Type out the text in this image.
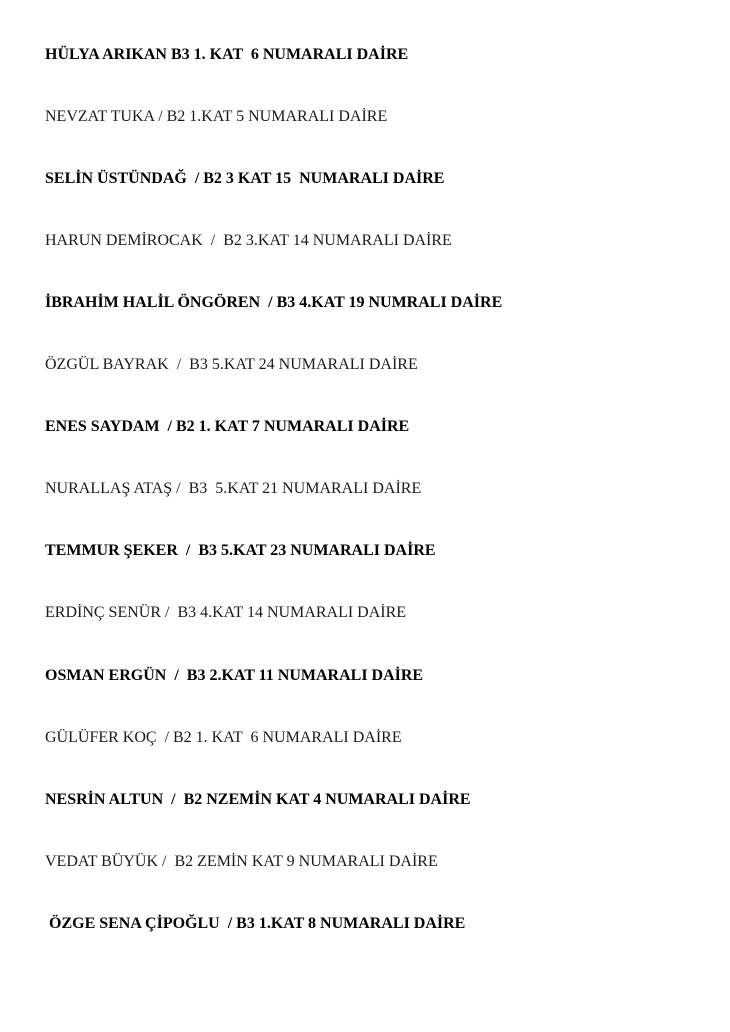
HÜLYA ARIKAN B3 1. KAT  6 NUMARALI DAİRE

NEVZAT TUKA / B2 1.KAT 5 NUMARALI DAİRE

SELİN ÜSTÜNDAĞ  / B2 3 KAT 15  NUMARALI DAİRE

HARUN DEMİROCAK  /  B2 3.KAT 14 NUMARALI DAİRE

İBRAHİM HALİL ÖNGÖREN  / B3 4.KAT 19 NUMRALI DAİRE

ÖZGÜL BAYRAK  /  B3 5.KAT 24 NUMARALI DAİRE

ENES SAYDAM  / B2 1. KAT 7 NUMARALI DAİRE

NURALLAŞ ATAŞ /  B3  5.KAT 21 NUMARALI DAİRE

TEMMUR ŞEKER  /  B3 5.KAT 23 NUMARALI DAİRE

ERDİNÇ SENÜR /  B3 4.KAT 14 NUMARALI DAİRE

OSMAN ERGÜN  /  B3 2.KAT 11 NUMARALI DAİRE

GÜLÜFER KOÇ  / B2 1. KAT  6 NUMARALI DAİRE

NESRİN ALTUN  /  B2 NZEMİN KAT 4 NUMARALI DAİRE

VEDAT BÜYÜK /  B2 ZEMİN KAT 9 NUMARALI DAİRE

ÖZGE SENA ÇİPOĞLU  / B3 1.KAT 8 NUMARALI DAİRE
